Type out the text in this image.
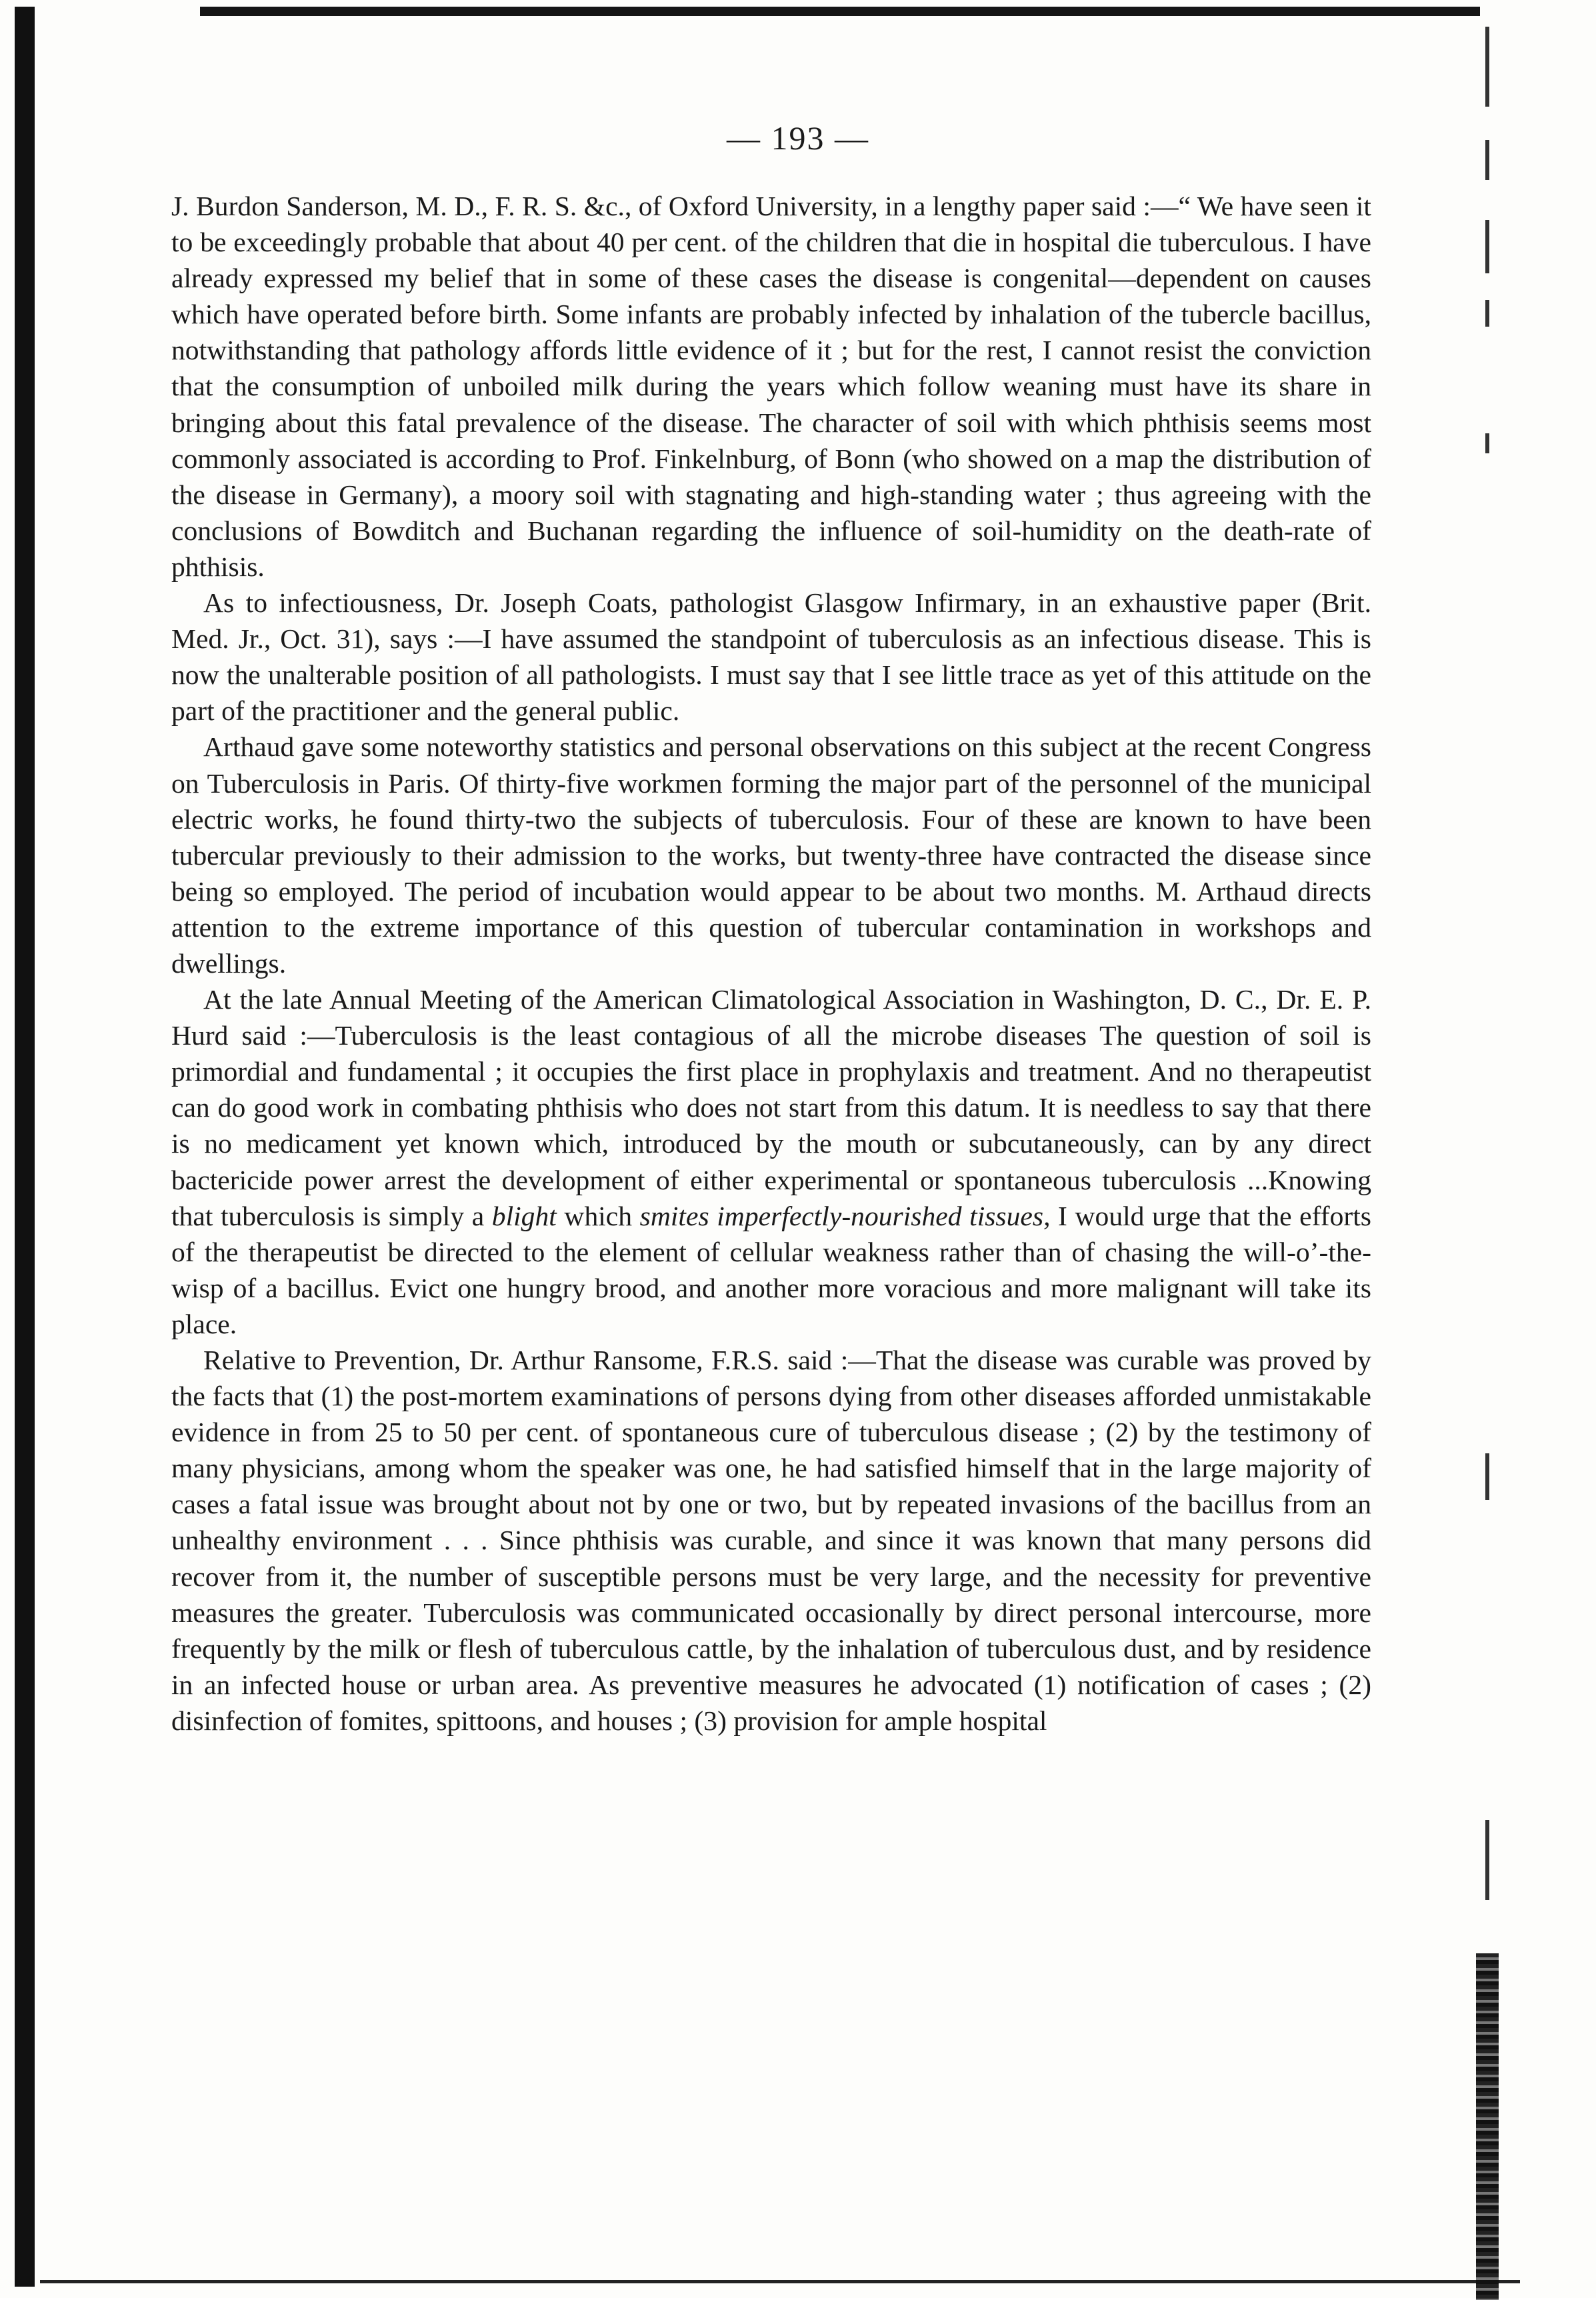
— 193 —

J. Burdon Sanderson, M. D., F. R. S. &c., of Oxford University, in a lengthy paper said :—“ We have seen it to be exceedingly probable that about 40 per cent. of the children that die in hospital die tuberculous. I have already expressed my belief that in some of these cases the disease is congenital—dependent on causes which have operated before birth. Some infants are probably infected by inhalation of the tubercle bacillus, notwithstanding that pathology affords little evidence of it ; but for the rest, I cannot resist the conviction that the consumption of unboiled milk during the years which follow weaning must have its share in bringing about this fatal prevalence of the disease. The character of soil with which phthisis seems most commonly associated is according to Prof. Finkelnburg, of Bonn (who showed on a map the distribution of the disease in Germany), a moory soil with stagnating and high-standing water ; thus agreeing with the conclusions of Bowditch and Buchanan regarding the influence of soil-humidity on the death-rate of phthisis.

As to infectiousness, Dr. Joseph Coats, pathologist Glasgow Infirmary, in an exhaustive paper (Brit. Med. Jr., Oct. 31), says :—I have assumed the standpoint of tuberculosis as an infectious disease. This is now the unalterable position of all pathologists. I must say that I see little trace as yet of this attitude on the part of the practitioner and the general public.

Arthaud gave some noteworthy statistics and personal observations on this subject at the recent Congress on Tuberculosis in Paris. Of thirty-five workmen forming the major part of the personnel of the municipal electric works, he found thirty-two the subjects of tuberculosis. Four of these are known to have been tubercular previously to their admission to the works, but twenty-three have contracted the disease since being so employed. The period of incubation would appear to be about two months. M. Arthaud directs attention to the extreme importance of this question of tubercular contamination in workshops and dwellings.

At the late Annual Meeting of the American Climatological Association in Washington, D. C., Dr. E. P. Hurd said :—Tuberculosis is the least contagious of all the microbe diseases The question of soil is primordial and fundamental ; it occupies the first place in prophylaxis and treatment. And no therapeutist can do good work in combating phthisis who does not start from this datum. It is needless to say that there is no medicament yet known which, introduced by the mouth or subcutaneously, can by any direct bactericide power arrest the development of either experimental or spontaneous tuberculosis ...Knowing that tuberculosis is simply a blight which smites imperfectly-nourished tissues, I would urge that the efforts of the therapeutist be directed to the element of cellular weakness rather than of chasing the will-o’-the-wisp of a bacillus. Evict one hungry brood, and another more voracious and more malignant will take its place.

Relative to Prevention, Dr. Arthur Ransome, F.R.S. said :—That the disease was curable was proved by the facts that (1) the post-mortem examinations of persons dying from other diseases afforded unmistakable evidence in from 25 to 50 per cent. of spontaneous cure of tuberculous disease ; (2) by the testimony of many physicians, among whom the speaker was one, he had satisfied himself that in the large majority of cases a fatal issue was brought about not by one or two, but by repeated invasions of the bacillus from an unhealthy environment . . . Since phthisis was curable, and since it was known that many persons did recover from it, the number of susceptible persons must be very large, and the necessity for preventive measures the greater. Tuberculosis was communicated occasionally by direct personal intercourse, more frequently by the milk or flesh of tuberculous cattle, by the inhalation of tuberculous dust, and by residence in an infected house or urban area. As preventive measures he advocated (1) notification of cases ; (2) disinfection of fomites, spittoons, and houses ; (3) provision for ample hospital
